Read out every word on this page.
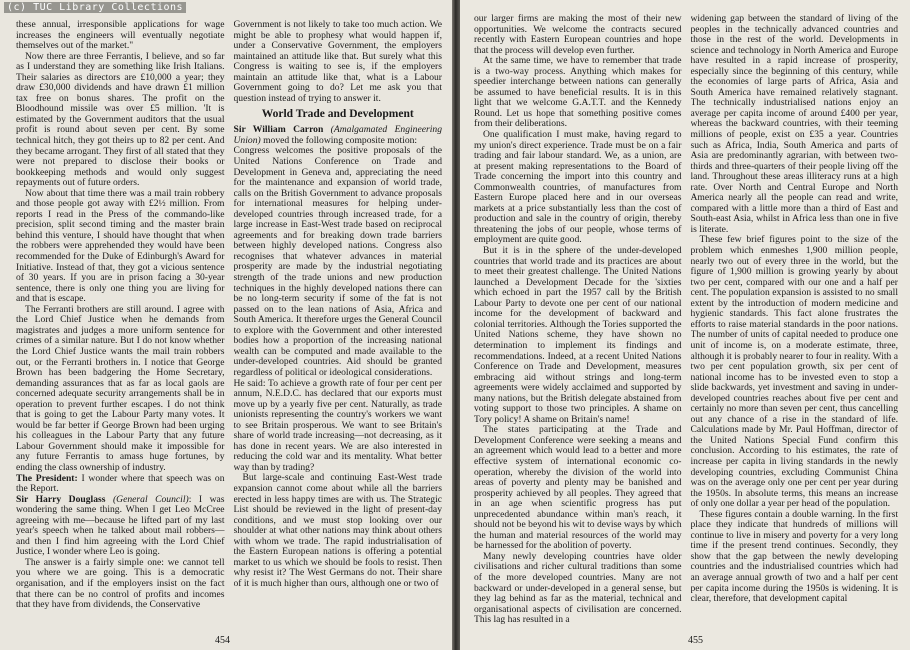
(c) TUC Library Collections

these annual, irresponsible applications for wage increases the engineers will eventually negotiate themselves out of the market."

Now there are three Ferrantis, I believe, and so far as I understand they are something like Irish Italians. Their salaries as directors are £10,000 a year; they draw £30,000 dividends and have drawn £1 million tax free on bonus shares. The profit on the Bloodhound missile was over £5 million. 'It is estimated by the Government auditors that the usual profit is round about seven per cent. By some technical hitch, they got theirs up to 82 per cent. And they became arrogant. They first of all stated that they were not prepared to disclose their books or bookkeeping methods and would only suggest repayments out of future orders.

Now about that time there was a mail train robbery and those people got away with £2½ million. From reports I read in the Press of the commando-like precision, split second timing and the master brain behind this venture, I should have thought that when the robbers were apprehended they would have been recommended for the Duke of Edinburgh's Award for Initiative. Instead of that, they got a vicious sentence of 30 years. If you are in prison facing a 30-year sentence, there is only one thing you are living for and that is escape.

The Ferranti brothers are still around. I agree with the Lord Chief Justice when he demands from magistrates and judges a more uniform sentence for crimes of a similar nature. But I do not know whether the Lord Chief Justice wants the mail train robbers out, or the Ferranti brothers in. I notice that George Brown has been badgering the Home Secretary, demanding assurances that as far as local gaols are concerned adequate security arrangements shall be in operation to prevent further escapes. I do not think that is going to get the Labour Party many votes. It would be far better if George Brown had been urging his colleagues in the Labour Party that any future Labour Government should make it impossible for any future Ferrantis to amass huge fortunes, by ending the class ownership of industry.

The President: I wonder where that speech was on the Report.

Sir Harry Douglass (General Council): I was wondering the same thing. When I get Leo McCree agreeing with me—because he lifted part of my last year's speech when he talked about mail robbers—and then I find him agreeing with the Lord Chief Justice, I wonder where Leo is going.

The answer is a fairly simple one: we cannot tell you where we are going. This is a democratic organisation, and if the employers insist on the fact that there can be no control of profits and incomes that they have from dividends, the Conservative

Government is not likely to take too much action. We might be able to prophesy what would happen if, under a Conservative Government, the employers maintained an attitude like that. But surely what this Congress is waiting to see is, if the employers maintain an attitude like that, what is a Labour Government going to do? Let me ask you that question instead of trying to answer it.

World Trade and Development

Sir William Carron (Amalgamated Engineering Union) moved the following composite motion:

Congress welcomes the positive proposals of the United Nations Conference on Trade and Development in Geneva and, appreciating the need for the maintenance and expansion of world trade, calls on the British Government to advance proposals for international measures for helping under-developed countries through increased trade, for a large increase in East-West trade based on reciprocal agreements and for breaking down trade barriers between highly developed nations. Congress also recognises that whatever advances in material prosperity are made by the industrial negotiating strength of the trade unions and new production techniques in the highly developed nations there can be no long-term security if some of the fat is not passed on to the lean nations of Asia, Africa and South America. It therefore urges the General Council to explore with the Government and other interested bodies how a proportion of the increasing national wealth can be computed and made available to the under-developed countries. Aid should be granted regardless of political or ideological considerations.

He said: To achieve a growth rate of four per cent per annum, N.E.D.C. has declared that our exports must move up by a yearly five per cent. Naturally, as trade unionists representing the country's workers we want to see Britain prosperous. We want to see Britain's share of world trade increasing—not decreasing, as it has done in recent years. We are also interested in reducing the cold war and its mentality. What better way than by trading?

But large-scale and continuing East-West trade expansion cannot come about while all the barriers erected in less happy times are with us. The Strategic List should be reviewed in the light of present-day conditions, and we must stop looking over our shoulder at what other nations may think about others with whom we trade. The rapid industrialisation of the Eastern European nations is offering a potential market to us which we should be fools to resist. Then why resist it? The West Germans do not. Their share of it is much higher than ours, although one or two of

454

our larger firms are making the most of their new opportunities. We welcome the contracts secured recently with Eastern European countries and hope that the process will develop even further.

At the same time, we have to remember that trade is a two-way process. Anything which makes for speedier interchange between nations can generally be assumed to have beneficial results. It is in this light that we welcome G.A.T.T. and the Kennedy Round. Let us hope that something positive comes from their deliberations.

One qualification I must make, having regard to my union's direct experience. Trade must be on a fair trading and fair labour standard. We, as a union, are at present making representations to the Board of Trade concerning the import into this country and Commonwealth countries, of manufactures from Eastern Europe placed here and in our overseas markets at a price substantially less than the cost of production and sale in the country of origin, thereby threatening the jobs of our people, whose terms of employment are quite good.

But it is in the sphere of the under-developed countries that world trade and its practices are about to meet their greatest challenge. The United Nations launched a Development Decade for the 'sixties which echoed in part the 1957 call by the British Labour Party to devote one per cent of our national income for the development of backward and colonial territories. Although the Tories supported the United Nations scheme, they have shown no determination to implement its findings and recommendations. Indeed, at a recent United Nations Conference on Trade and Development, measures embracing aid without strings and long-term agreements were widely acclaimed and supported by many nations, but the British delegate abstained from voting support to those two principles. A shame on Tory policy! A shame on Britain's name!

The states participating at the Trade and Development Conference were seeking a means and an agreement which would lead to a better and more effective system of international economic co-operation, whereby the division of the world into areas of poverty and plenty may be banished and prosperity achieved by all peoples. They agreed that in an age when scientific progress has put unprecedented abundance within man's reach, it should not be beyond his wit to devise ways by which the human and material resources of the world may be harnessed for the abolition of poverty.

Many newly developing countries have older civilisations and richer cultural traditions than some of the more developed countries. Many are not backward or under-developed in a general sense, but they lag behind as far as the material, technical and organisational aspects of civilisation are concerned. This lag has resulted in a

widening gap between the standard of living of the peoples in the technically advanced countries and those in the rest of the world. Developments in science and technology in North America and Europe have resulted in a rapid increase of prosperity, especially since the beginning of this century, while the economies of large parts of Africa, Asia and South America have remained relatively stagnant. The technically industrialised nations enjoy an average per capita income of around £400 per year, whereas the backward countries, with their teeming millions of people, exist on £35 a year. Countries such as Africa, India, South America and parts of Asia are predominantly agrarian, with between two-thirds and three-quarters of their people living off the land. Throughout these areas illiteracy runs at a high rate. Over North and Central Europe and North America nearly all the people can read and write, compared with a little more than a third of East and South-east Asia, whilst in Africa less than one in five is literate.

These few brief figures point to the size of the problem which enmeshes 1,900 million people, nearly two out of every three in the world, but the figure of 1,900 million is growing yearly by about two per cent, compared with our one and a half per cent. The population expansion is assisted to no small extent by the introduction of modern medicine and hygienic standards. This fact alone frustrates the efforts to raise material standards in the poor nations. The number of units of capital needed to produce one unit of income is, on a moderate estimate, three, although it is probably nearer to four in reality. With a two per cent population growth, six per cent of national income has to be invested even to stop a slide backwards, yet investment and saving in under-developed countries reaches about five per cent and certainly no more than seven per cent, thus cancelling out any chance of a rise in the standard of life. Calculations made by Mr. Paul Hoffman, director of the United Nations Special Fund confirm this conclusion. According to his estimates, the rate of increase per capita in living standards in the newly developing countries, excluding Communist China was on the average only one per cent per year during the 1950s. In absolute terms, this means an increase of only one dollar a year per head of the population.

These figures contain a double warning. In the first place they indicate that hundreds of millions will continue to live in misery and poverty for a very long time if the present trend continues. Secondly, they show that the gap between the newly developing countries and the industrialised countries which had an average annual growth of two and a half per cent per capita income during the 1950s is widening. It is clear, therefore, that development capital

455
